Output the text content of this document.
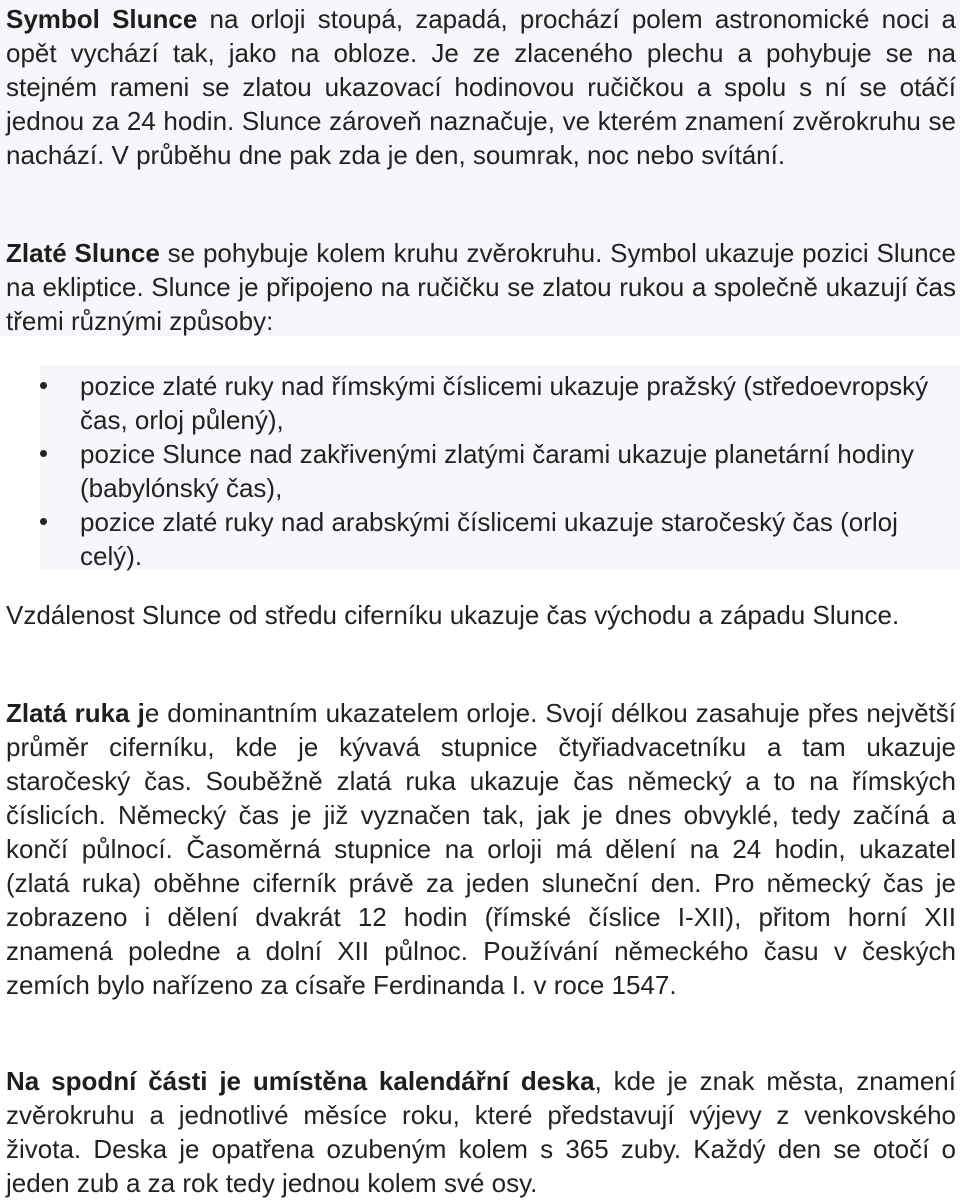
Symbol Slunce na orloji stoupá, zapadá, prochází polem astronomické noci a opět vychází tak, jako na obloze. Je ze zlaceného plechu a pohybuje se na stejném rameni se zlatou ukazovací hodinovou ručičkou a spolu s ní se otáčí jednou za 24 hodin. Slunce zároveň naznačuje, ve kterém znamení zvěrokruhu se nachází. V průběhu dne pak zda je den, soumrak, noc nebo svítání.

Zlaté Slunce se pohybuje kolem kruhu zvěrokruhu. Symbol ukazuje pozici Slunce na ekliptice. Slunce je připojeno na ručičku se zlatou rukou a společně ukazují čas třemi různými způsoby:

pozice zlaté ruky nad římskými číslicemi ukazuje pražský (středoevropský čas, orloj půlený),
pozice Slunce nad zakřivenými zlatými čarami ukazuje planetární hodiny (babylónský čas),
pozice zlaté ruky nad arabskými číslicemi ukazuje staročeský čas (orloj celý).

Vzdálenost Slunce od středu ciferníku ukazuje čas východu a západu Slunce.

Zlatá ruka je dominantním ukazatelem orloje. Svojí délkou zasahuje přes největší průměr ciferníku, kde je kývavá stupnice čtyřiadvacetníku a tam ukazuje staročeský čas. Souběžně zlatá ruka ukazuje čas německý a to na římských číslicích. Německý čas je již vyznačen tak, jak je dnes obvyklé, tedy začíná a končí půlnocí. Časoměrná stupnice na orloji má dělení na 24 hodin, ukazatel (zlatá ruka) oběhne ciferník právě za jeden sluneční den. Pro německý čas je zobrazeno i dělení dvakrát 12 hodin (římské číslice I-XII), přitom horní XII znamená poledne a dolní XII půlnoc. Používání německého času v českých zemích bylo nařízeno za císaře Ferdinanda I. v roce 1547.

Na spodní části je umístěna kalendářní deska, kde je znak města, znamení zvěrokruhu a jednotlivé měsíce roku, které představují výjevy z venkovského života. Deska je opatřena ozubeným kolem s 365 zuby. Každý den se otočí o jeden zub a za rok tedy jednou kolem své osy.
